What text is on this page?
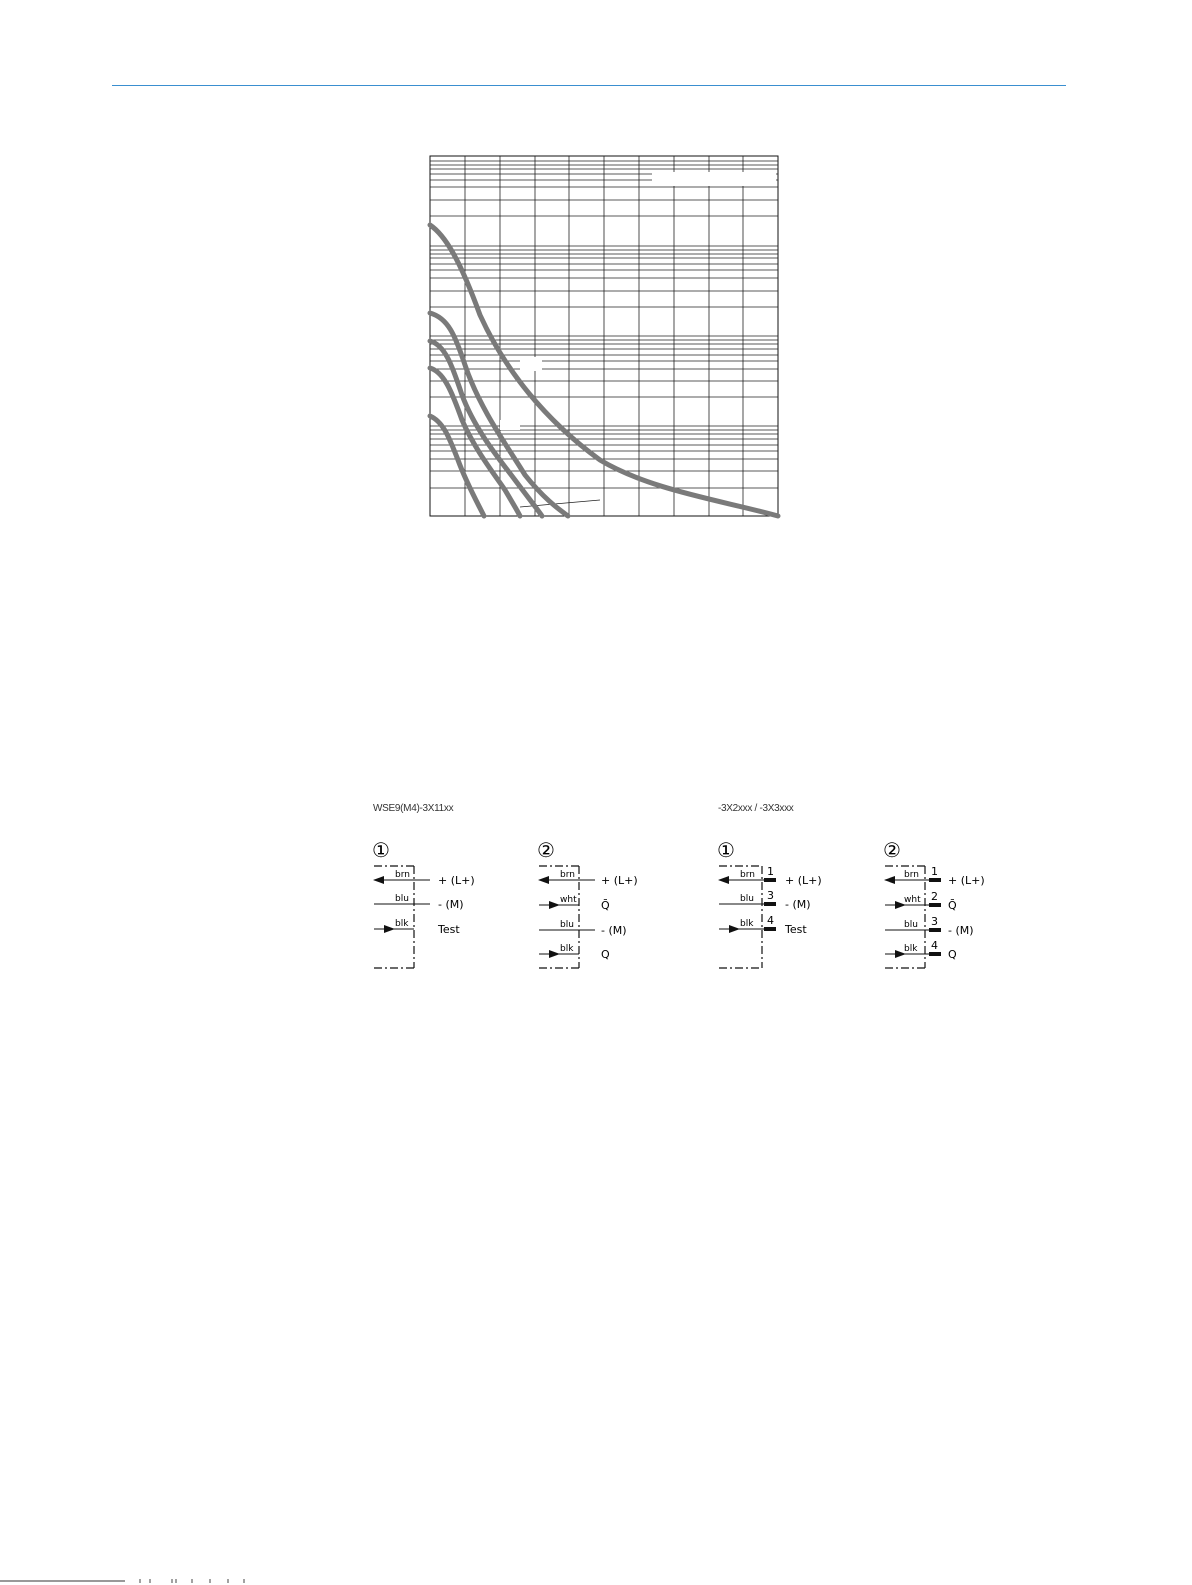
WSE9(M4)-3X11xx	-3X2xxx / -3X3xxx
①
brn
blu
blk
+ (L+)
- (M)
Test
②
brn
wht
blu
blk
+ (L+)
Q̄
- (M)
Q
①
brn
blu
blk
1
3
4
+ (L+)
- (M)
Test
②
brn
wht
blu
blk
1
2
3
4
+ (L+)
Q̄
- (M)
Q
